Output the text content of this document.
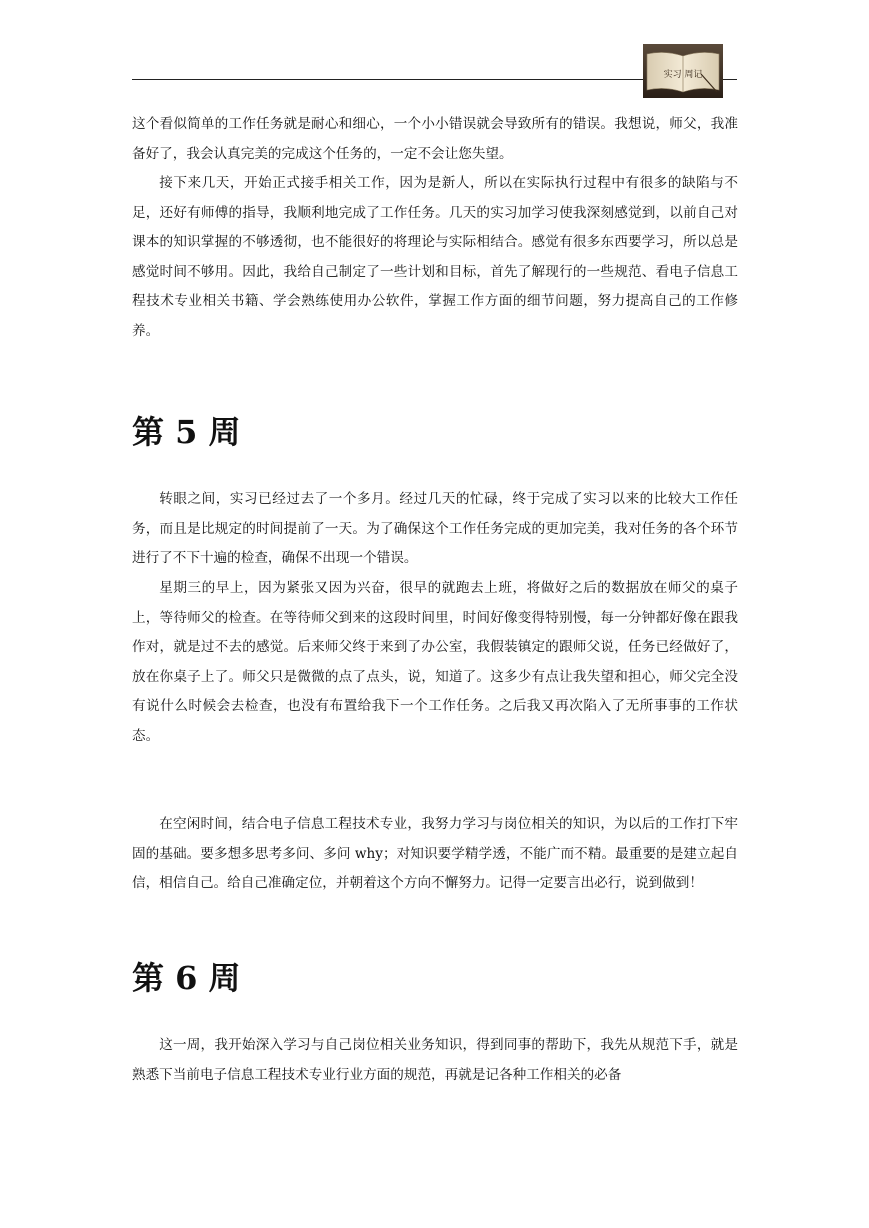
实习 周记

这个看似简单的工作任务就是耐心和细心，一个小小错误就会导致所有的错误。我想说，师父，我准备好了，我会认真完美的完成这个任务的，一定不会让您失望。

接下来几天，开始正式接手相关工作，因为是新人，所以在实际执行过程中有很多的缺陷与不足，还好有师傅的指导，我顺利地完成了工作任务。几天的实习加学习使我深刻感觉到，以前自己对课本的知识掌握的不够透彻，也不能很好的将理论与实际相结合。感觉有很多东西要学习，所以总是感觉时间不够用。因此，我给自己制定了一些计划和目标，首先了解现行的一些规范、看电子信息工程技术专业相关书籍、学会熟练使用办公软件，掌握工作方面的细节问题，努力提高自己的工作修养。

第 5 周

转眼之间，实习已经过去了一个多月。经过几天的忙碌，终于完成了实习以来的比较大工作任务，而且是比规定的时间提前了一天。为了确保这个工作任务完成的更加完美，我对任务的各个环节进行了不下十遍的检查，确保不出现一个错误。

星期三的早上，因为紧张又因为兴奋，很早的就跑去上班，将做好之后的数据放在师父的桌子上，等待师父的检查。在等待师父到来的这段时间里，时间好像变得特别慢，每一分钟都好像在跟我作对，就是过不去的感觉。后来师父终于来到了办公室，我假装镇定的跟师父说，任务已经做好了，放在你桌子上了。师父只是微微的点了点头，说，知道了。这多少有点让我失望和担心，师父完全没有说什么时候会去检查，也没有布置给我下一个工作任务。之后我又再次陷入了无所事事的工作状态。

在空闲时间，结合电子信息工程技术专业，我努力学习与岗位相关的知识，为以后的工作打下牢固的基础。要多想多思考多问、多问 why；对知识要学精学透，不能广而不精。最重要的是建立起自信，相信自己。给自己准确定位，并朝着这个方向不懈努力。记得一定要言出必行，说到做到！

第 6 周

这一周，我开始深入学习与自己岗位相关业务知识，得到同事的帮助下，我先从规范下手，就是熟悉下当前电子信息工程技术专业行业方面的规范，再就是记各种工作相关的必备
